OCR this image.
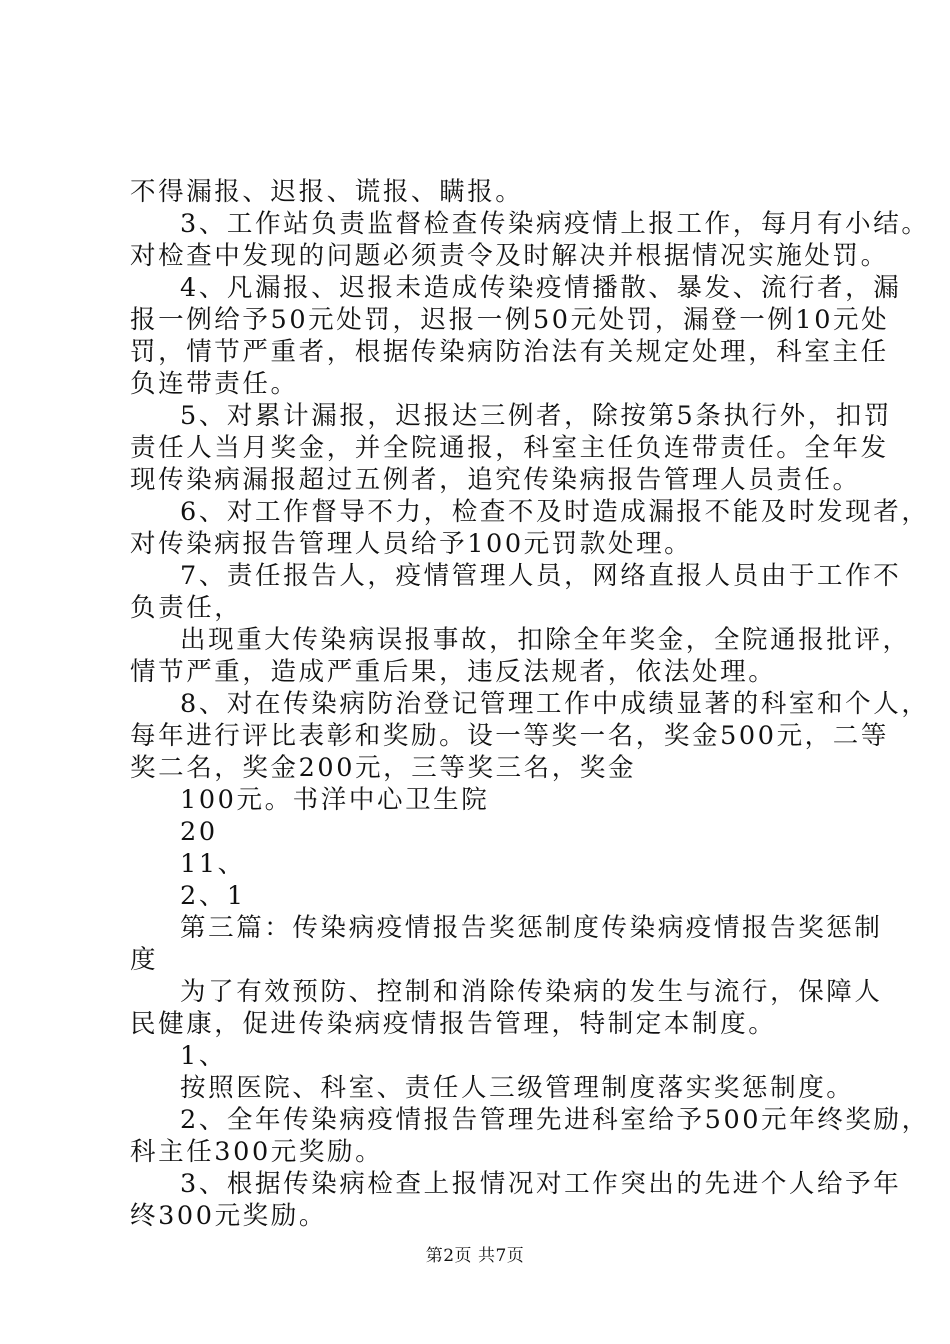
不得漏报、迟报、谎报、瞒报。
3、工作站负责监督检查传染病疫情上报工作，每月有小结。
对检查中发现的问题必须责令及时解决并根据情况实施处罚。
4、凡漏报、迟报未造成传染疫情播散、暴发、流行者，漏
报一例给予50元处罚，迟报一例50元处罚，漏登一例10元处
罚，情节严重者，根据传染病防治法有关规定处理，科室主任
负连带责任。
5、对累计漏报，迟报达三例者，除按第5条执行外，扣罚
责任人当月奖金，并全院通报，科室主任负连带责任。全年发
现传染病漏报超过五例者，追究传染病报告管理人员责任。
6、对工作督导不力，检查不及时造成漏报不能及时发现者，
对传染病报告管理人员给予100元罚款处理。
7、责任报告人，疫情管理人员，网络直报人员由于工作不
负责任，
出现重大传染病误报事故，扣除全年奖金，全院通报批评，
情节严重，造成严重后果，违反法规者，依法处理。
8、对在传染病防治登记管理工作中成绩显著的科室和个人，
每年进行评比表彰和奖励。设一等奖一名，奖金500元，二等
奖二名，奖金200元，三等奖三名，奖金
100元。书洋中心卫生院
20
11、
2、1
第三篇：传染病疫情报告奖惩制度传染病疫情报告奖惩制
度
为了有效预防、控制和消除传染病的发生与流行，保障人
民健康，促进传染病疫情报告管理，特制定本制度。
1、
按照医院、科室、责任人三级管理制度落实奖惩制度。
2、全年传染病疫情报告管理先进科室给予500元年终奖励，
科主任300元奖励。
3、根据传染病检查上报情况对工作突出的先进个人给予年
终300元奖励。
第2页 共7页
